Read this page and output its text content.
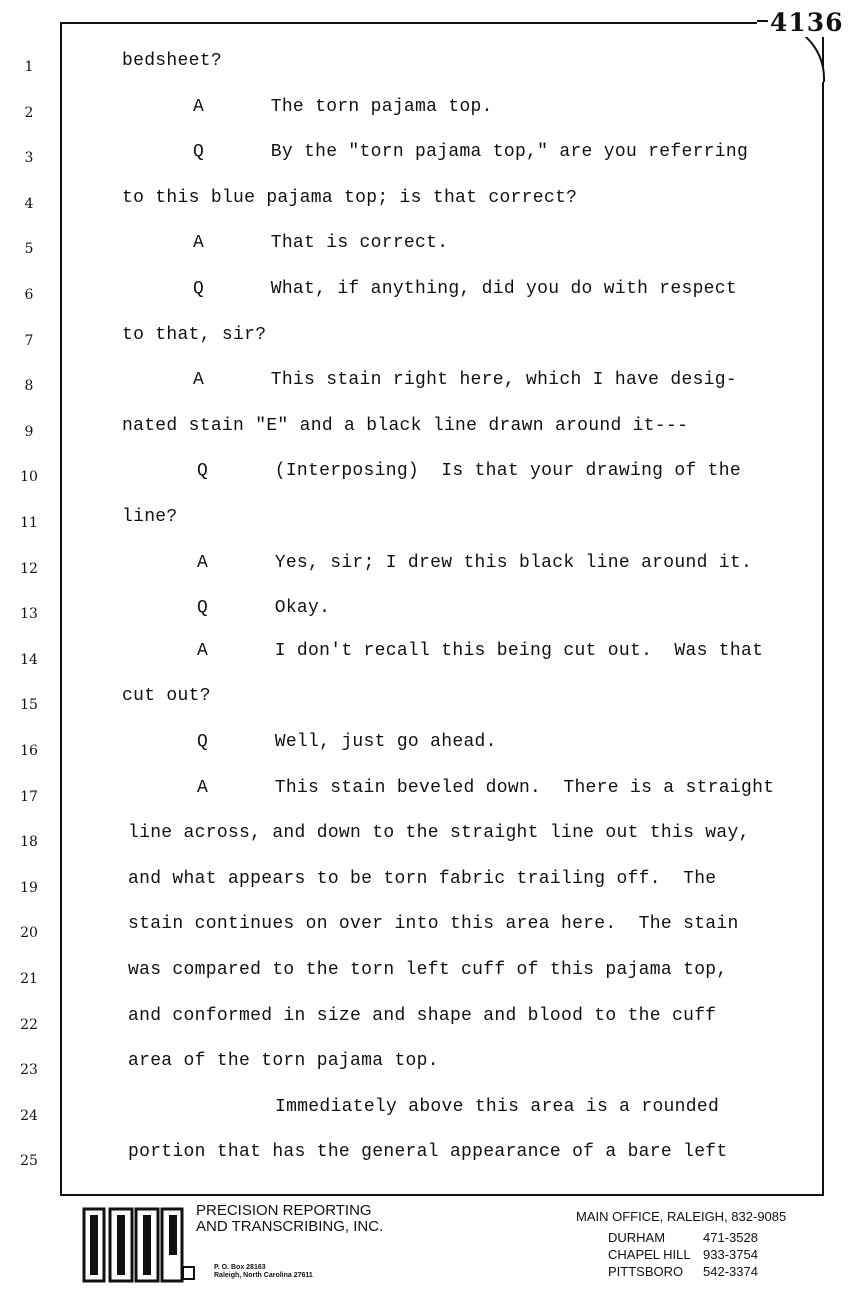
4136
1	bedsheet?
2	A      The torn pajama top.
3	Q      By the "torn pajama top," are you referring
4	to this blue pajama top; is that correct?
5	A      That is correct.
6	Q      What, if anything, did you do with respect
7	to that, sir?
8	A      This stain right here, which I have desig-
9	nated stain "E" and a black line drawn around it---
10	Q      (Interposing)  Is that your drawing of the
11	line?
12	A      Yes, sir; I drew this black line around it.
13	Q      Okay.
14	A      I don't recall this being cut out.  Was that
15	cut out?
16	Q      Well, just go ahead.
17	A      This stain beveled down.  There is a straight
18	line across, and down to the straight line out this way,
19	and what appears to be torn fabric trailing off.  The
20	stain continues on over into this area here.  The stain
21	was compared to the torn left cuff of this pajama top,
22	and conformed in size and shape and blood to the cuff
23	area of the torn pajama top.
24	Immediately above this area is a rounded
25	portion that has the general appearance of a bare left
P&T
PRECISION REPORTING
AND TRANSCRIBING, INC.
P. O. Box 28163
Raleigh, North Carolina 27611
MAIN OFFICE, RALEIGH, 832-9085
DURHAM	471-3528
CHAPEL HILL 933-3754
PITTSBORO 542-3374
